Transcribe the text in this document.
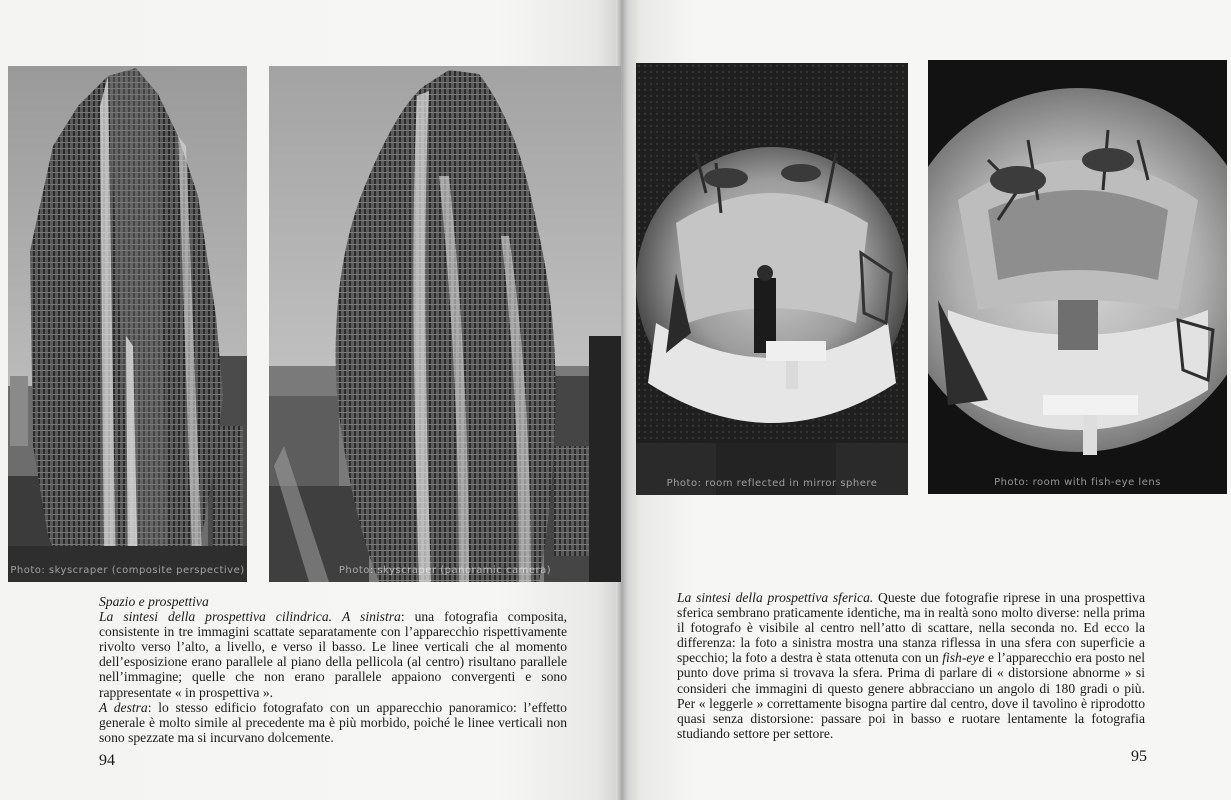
Photo: skyscraper (composite perspective)	Photo: skyscraper (panoramic camera)
Photo: room reflected in mirror sphere	Photo: room with fish-eye lens

Spazio e prospettiva

La sintesi della prospettiva cilindrica. A sinistra: una fotografia composita, consistente in tre immagini scattate separatamente con l’apparecchio rispettivamente rivolto verso l’alto, a livello, e verso il basso. Le linee verticali che al momento dell’esposizione erano parallele al piano della pellicola (al centro) risultano parallele nell’immagine; quelle che non erano parallele appaiono convergenti e sono rappresentate « in prospettiva ».

A destra: lo stesso edificio fotografato con un apparecchio panoramico: l’effetto generale è molto simile al precedente ma è più morbido, poiché le linee verticali non sono spezzate ma si incurvano dolcemente.

La sintesi della prospettiva sferica. Queste due fotografie riprese in una prospettiva sferica sembrano praticamente identiche, ma in realtà sono molto diverse: nella prima il fotografo è visibile al centro nell’atto di scattare, nella seconda no. Ed ecco la differenza: la foto a sinistra mostra una stanza riflessa in una sfera con superficie a specchio; la foto a destra è stata ottenuta con un fish-eye e l’apparecchio era posto nel punto dove prima si trovava la sfera. Prima di parlare di « distorsione abnorme » si consideri che immagini di questo genere abbracciano un angolo di 180 gradi o più. Per « leggerle » correttamente bisogna partire dal centro, dove il tavolino è riprodotto quasi senza distorsione: passare poi in basso e ruotare lentamente la fotografia studiando settore per settore.

94	95
